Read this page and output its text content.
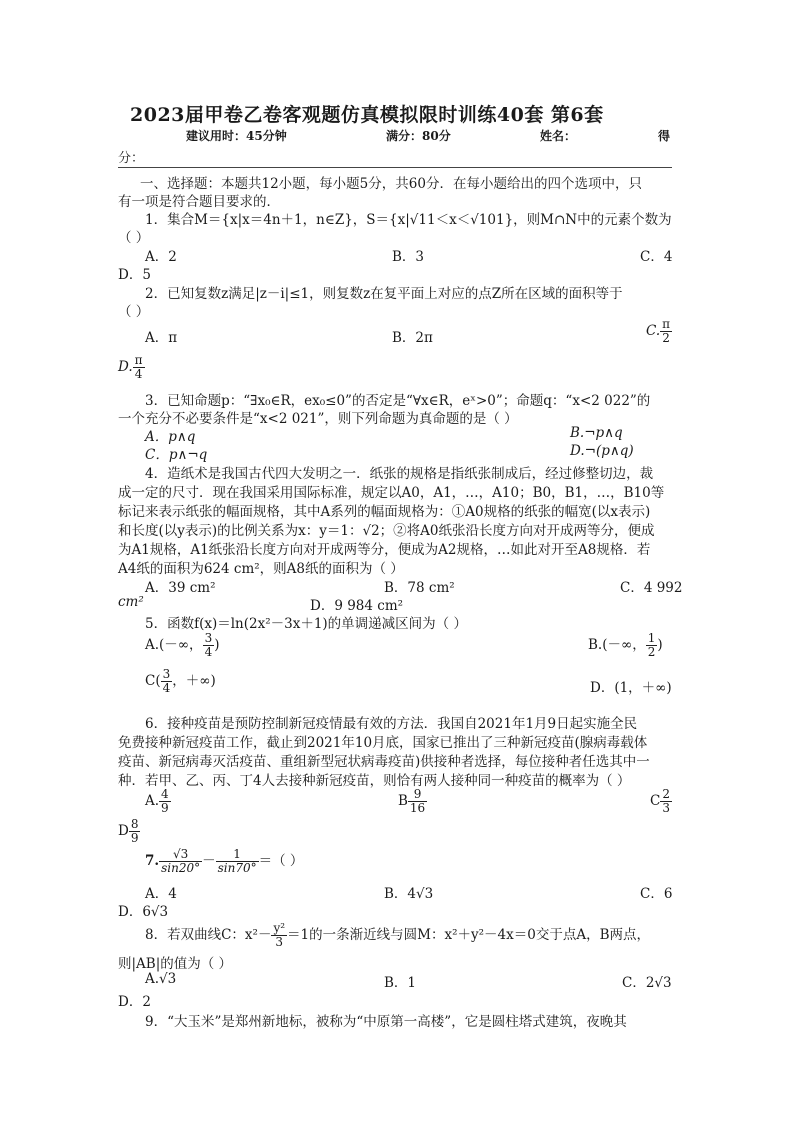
2023届甲卷乙卷客观题仿真模拟限时训练40套 第6套
建议用时：45分钟	满分：80分	姓名：	得
分：
一、选择题：本题共12小题，每小题5分，共60分．在每小题给出的四个选项中，只
有一项是符合题目要求的．
1．集合M＝{x|x＝4n＋1，n∈Z}，S＝{x|√11＜x＜√101}，则M∩N中的元素个数为
（ ）
A．2	B．3	C．4
D．5
2．已知复数z满足|z－i|≤1，则复数z在复平面上对应的点Z所在区域的面积等于
（ ）
A．π	B．2π	C. $\frac{\pi}{2}$
D. $\frac{\pi}{4}$
3．已知命题p：“∃x₀∈R，ex₀≤0”的否定是“∀x∈R，eˣ>0”；命题q：“x<2 022”的
一个充分不必要条件是“x<2 021”，则下列命题为真命题的是（ ）
A．p∧q	B.¬p∧q
C．p∧¬q	D.¬(p∧q)
4．造纸术是我国古代四大发明之一．纸张的规格是指纸张制成后，经过修整切边，裁
成一定的尺寸．现在我国采用国际标准，规定以A0，A1，…，A10；B0，B1，…，B10等
标记来表示纸张的幅面规格，其中A系列的幅面规格为：①A0规格的纸张的幅宽(以x表示)
和长度(以y表示)的比例关系为x：y＝1：√2；②将A0纸张沿长度方向对开成两等分，便成
为A1规格，A1纸张沿长度方向对开成两等分，便成为A2规格，…如此对开至A8规格．若
A4纸的面积为624 cm²，则A8纸的面积为（ ）
A．39 cm²	B．78 cm²	C．4 992
cm²	D．9 984 cm²
5．函数f(x)＝ln(2x²－3x＋1)的单调递减区间为（ ）
A.(－∞， $\frac{3}{4}$ )	B.(－∞， $\frac{1}{2}$ )
$C( \frac{3}{4}$ ，＋∞)	D．(1，＋∞)
6．接种疫苗是预防控制新冠疫情最有效的方法．我国自2021年1月9日起实施全民
免费接种新冠疫苗工作，截止到2021年10月底，国家已推出了三种新冠疫苗(腺病毒载体
疫苗、新冠病毒灭活疫苗、重组新型冠状病毒疫苗)供接种者选择，每位接种者任选其中一
种．若甲、乙、丙、丁4人去接种新冠疫苗，则恰有两人接种同一种疫苗的概率为（ ）
A. $\frac{4}{9}$	B $\frac{9}{16}$	C $\frac{2}{3}$
D $\frac{8}{9}$
7. $\frac{√3}{\sin 20^\circ} - \frac{1}{\sin 70^\circ}$ ＝（ ）
A．4	B．4√3	C．6
D．6√3
8．若双曲线C：$x^2- \frac{\text{y²}}{3} =1$的一条渐近线与圆M：x²＋y²－4x＝0交于点A，B两点，
则|AB|的值为（ ）
A.√3	B．1	C．2√3
D．2
9．“大玉米”是郑州新地标，被称为“中原第一高楼”，它是圆柱塔式建筑，夜晚其
